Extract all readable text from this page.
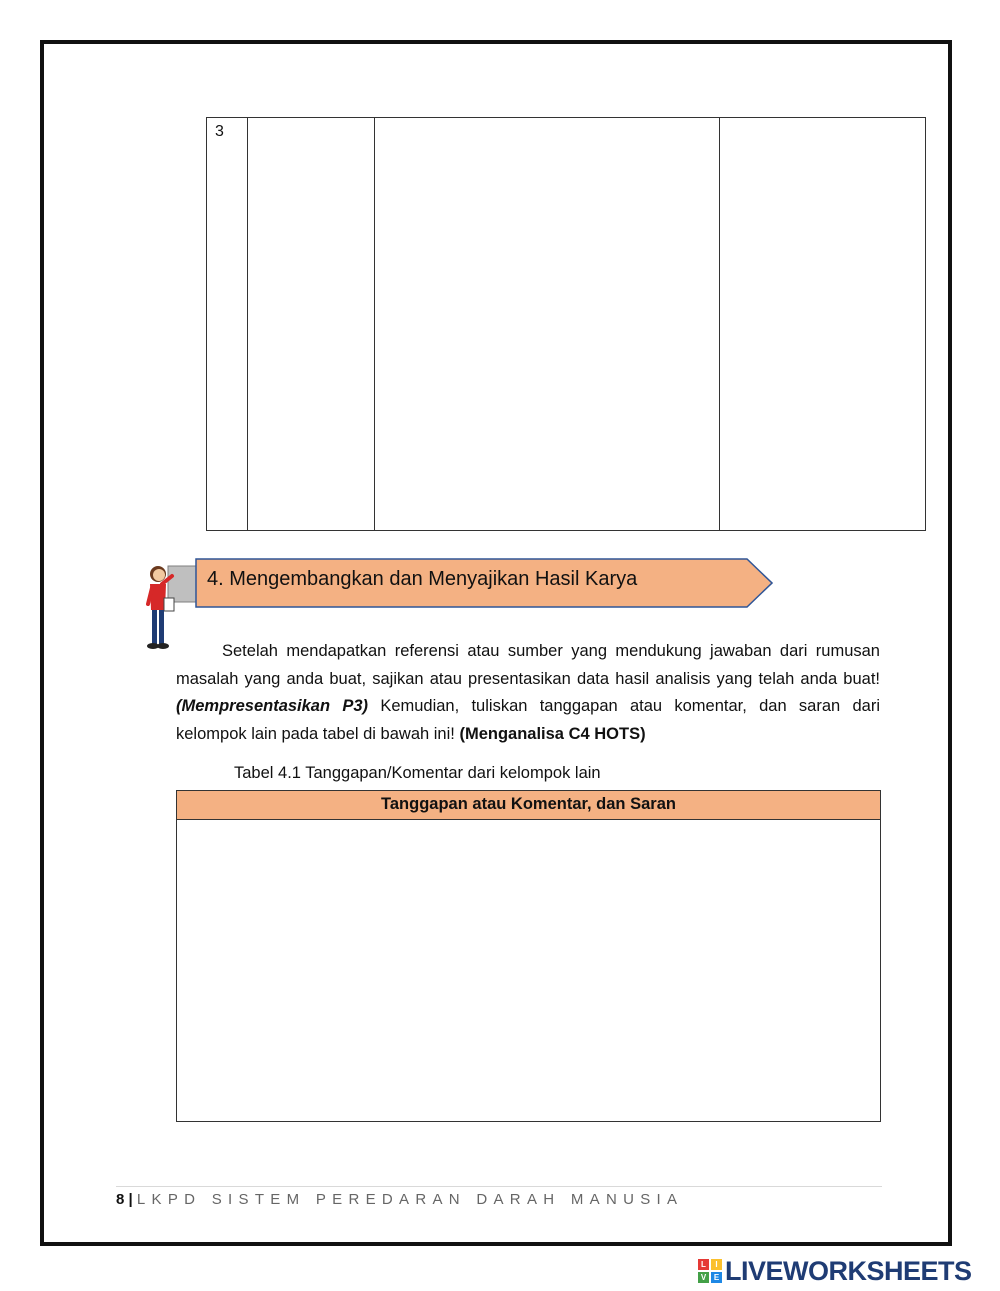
3
4. Mengembangkan dan Menyajikan Hasil Karya
Setelah mendapatkan referensi atau sumber yang mendukung jawaban dari rumusan masalah yang anda buat, sajikan atau presentasikan data hasil analisis yang telah anda buat! (Mempresentasikan P3) Kemudian, tuliskan tanggapan atau komentar, dan saran dari kelompok lain pada tabel di bawah ini! (Menganalisa C4 HOTS)
Tabel 4.1 Tanggapan/Komentar dari kelompok lain
Tanggapan atau Komentar, dan Saran
8 | LKPD SISTEM PEREDARAN DARAH MANUSIA
L	I
V E LIVEWORKSHEETS
